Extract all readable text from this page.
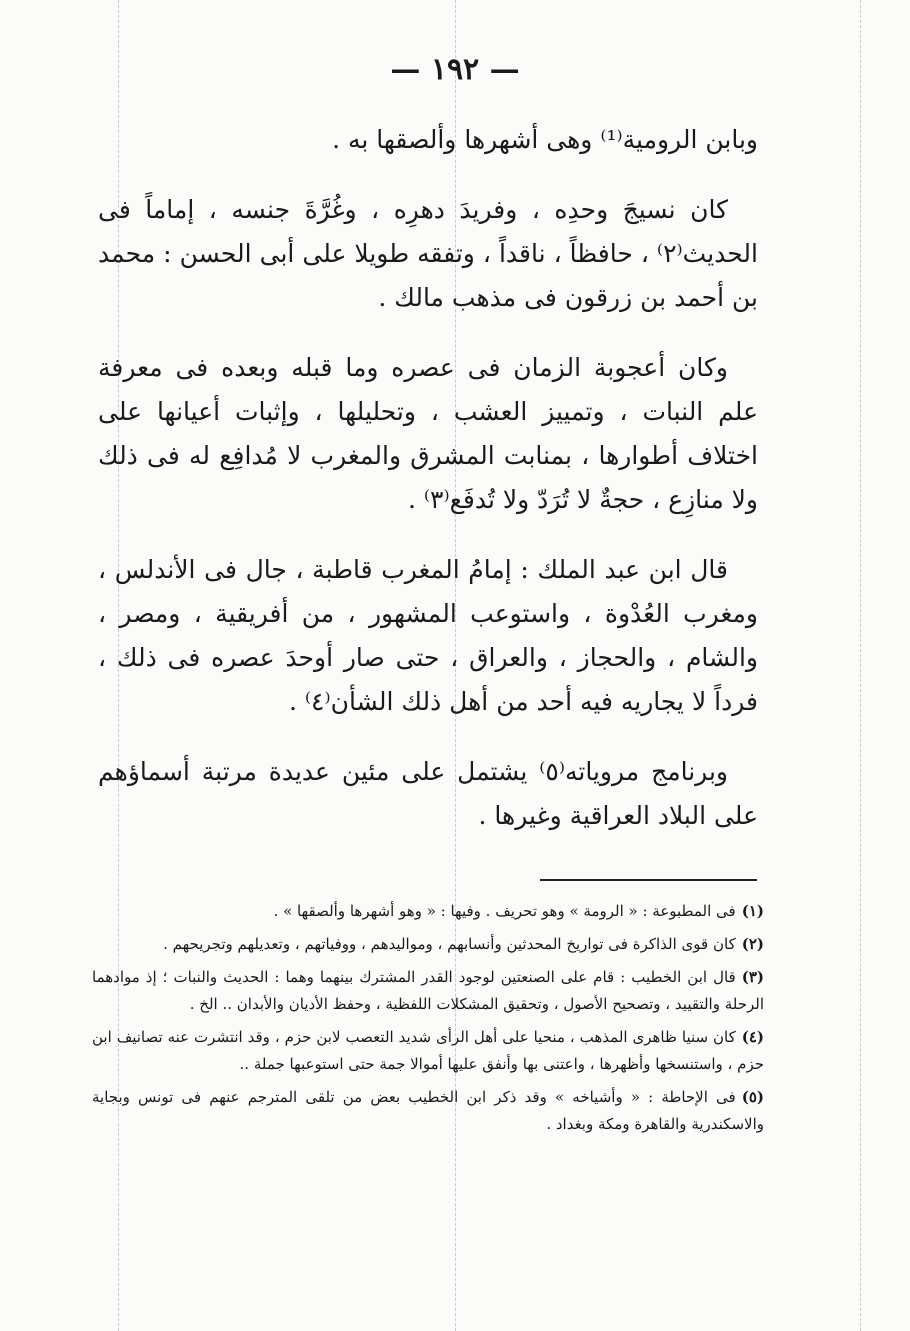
— ١٩٢ —

وبابن الرومية⁽¹⁾ وهى أشهرها وألصقها به .

كان نسيجَ وحدِه ، وفريدَ دهرِه ، وغُرَّةَ جنسه ، إماماً فى الحديث⁽٢⁾ ، حافظاً ، ناقداً ، وتفقه طويلا على أبى الحسن : محمد بن أحمد بن زرقون فى مذهب مالك .

وكان أعجوبة الزمان فى عصره وما قبله وبعده فى معرفة علم النبات ، وتمييز العشب ، وتحليلها ، وإثبات أعيانها على اختلاف أطوارها ، بمنابت المشرق والمغرب لا مُدافِع له فى ذلك ولا منازِع ، حجةٌ لا تُرَدّ ولا تُدفَع⁽٣⁾ .

قال ابن عبد الملك : إمامُ المغرب قاطبة ، جال فى الأندلس ، ومغرب العُدْوة ، واستوعب المشهور ، من أفريقية ، ومصر ، والشام ، والحجاز ، والعراق ، حتى صار أوحدَ عصره فى ذلك ، فرداً لا يجاريه فيه أحد من أهل ذلك الشأن⁽٤⁾ .

وبرنامج مروياته⁽٥⁾ يشتمل على مئين عديدة مرتبة أسماؤهم على البلاد العراقية وغيرها .

(١)فى المطبوعة : « الرومة » وهو تحريف . وفيها : « وهو أشهرها وألصقها » .
(٢)كان قوى الذاكرة فى تواريخ المحدثين وأنسابهم ، ومواليدهم ، ووفياتهم ، وتعديلهم وتجريحهم .
(٣)قال ابن الخطيب : قام على الصنعتين لوجود القدر المشترك بينهما وهما : الحديث والنبات ؛ إذ موادهما الرحلة والتقييد ، وتصحيح الأصول ، وتحقيق المشكلات اللفظية ، وحفظ الأديان والأبدان .. الخ .
(٤)كان سنيا ظاهرى المذهب ، منحيا على أهل الرأى شديد التعصب لابن حزم ، وقد انتشرت عنه تصانيف ابن حزم ، واستنسخها وأظهرها ، واعتنى بها وأنفق عليها أموالا جمة حتى استوعبها جملة ..
(٥)فى الإحاطة : « وأشياخه » وقد ذكر ابن الخطيب بعض من تلقى المترجم عنهم فى تونس وبجاية والاسكندرية والقاهرة ومكة وبغداد .
